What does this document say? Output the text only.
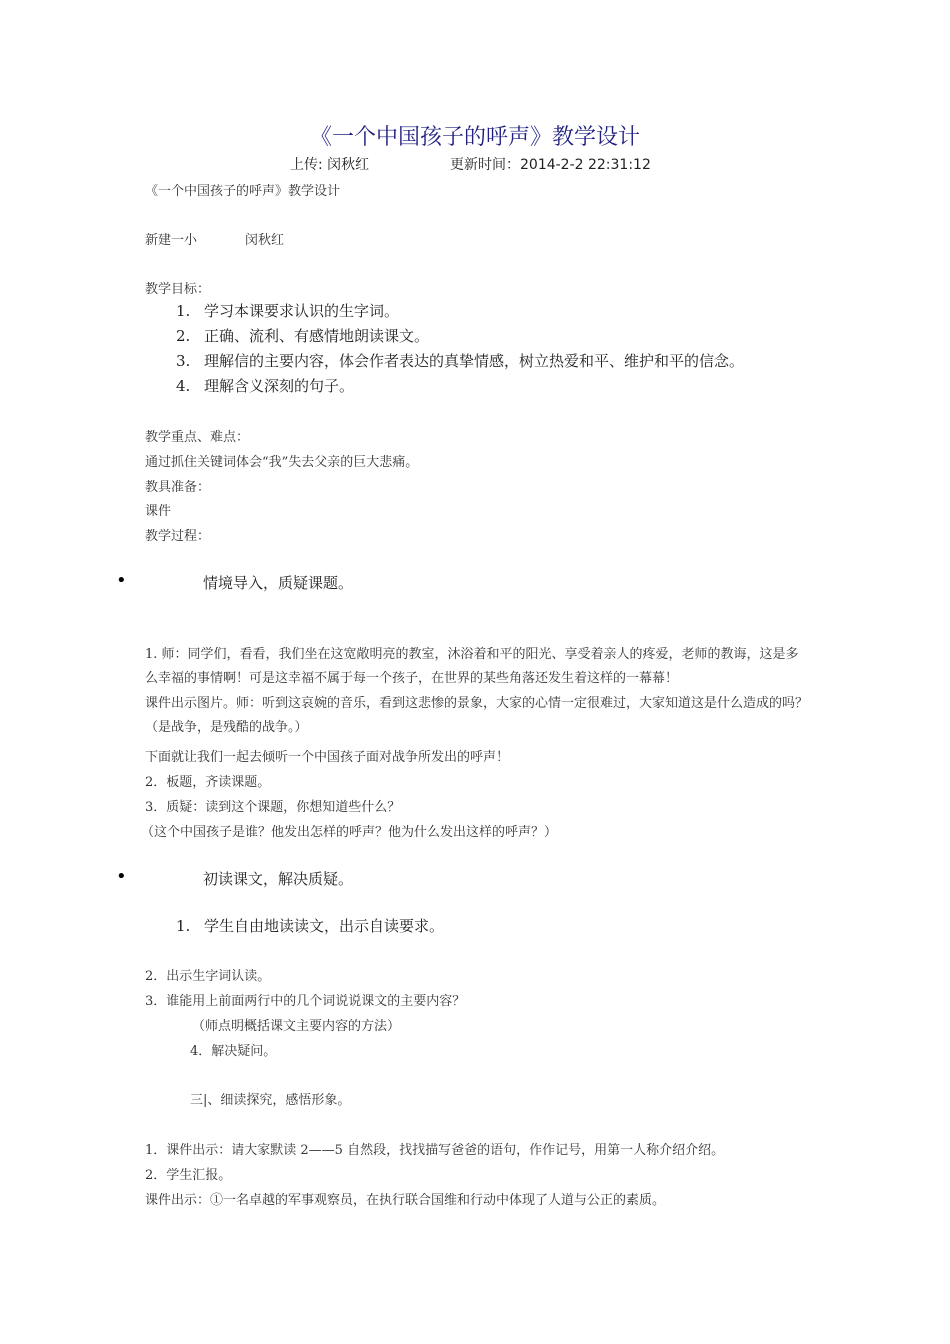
《一个中国孩子的呼声》教学设计
上传: 闵秋红	更新时间：2014-2-2 22:31:12
《一个中国孩子的呼声》教学设计
新建一小	闵秋红
教学目标：
1. 学习本课要求认识的生字词。
2. 正确、流利、有感情地朗读课文。
3. 理解信的主要内容，体会作者表达的真挚情感，树立热爱和平、维护和平的信念。
4. 理解含义深刻的句子。
教学重点、难点：
通过抓住关键词体会“我”失去父亲的巨大悲痛。
教具准备：
课件
教学过程：
•	情境导入，质疑课题。
1. 师：同学们，看看，我们坐在这宽敞明亮的教室，沐浴着和平的阳光、享受着亲人的疼爱，老师的教诲，这是多么幸福的事情啊！可是这幸福不属于每一个孩子，在世界的某些角落还发生着这样的一幕幕！
课件出示图片。师：听到这哀婉的音乐，看到这悲惨的景象，大家的心情一定很难过，大家知道这是什么造成的吗？（是战争，是残酷的战争。）
下面就让我们一起去倾听一个中国孩子面对战争所发出的呼声！
2．板题，齐读课题。
3．质疑：读到这个课题，你想知道些什么？
（这个中国孩子是谁？他发出怎样的呼声？他为什么发出这样的呼声？）
•	初读课文，解决质疑。
1. 学生自由地读读文，出示自读要求。
2．出示生字词认读。
3．谁能用上前面两行中的几个词说说课文的主要内容？
（师点明概括课文主要内容的方法）
4．解决疑问。
三|、细读探究，感悟形象。
1．课件出示：请大家默读 2——5 自然段，找找描写爸爸的语句，作作记号，用第一人称介绍介绍。
2．学生汇报。
课件出示：①一名卓越的军事观察员，在执行联合国维和行动中体现了人道与公正的素质。
